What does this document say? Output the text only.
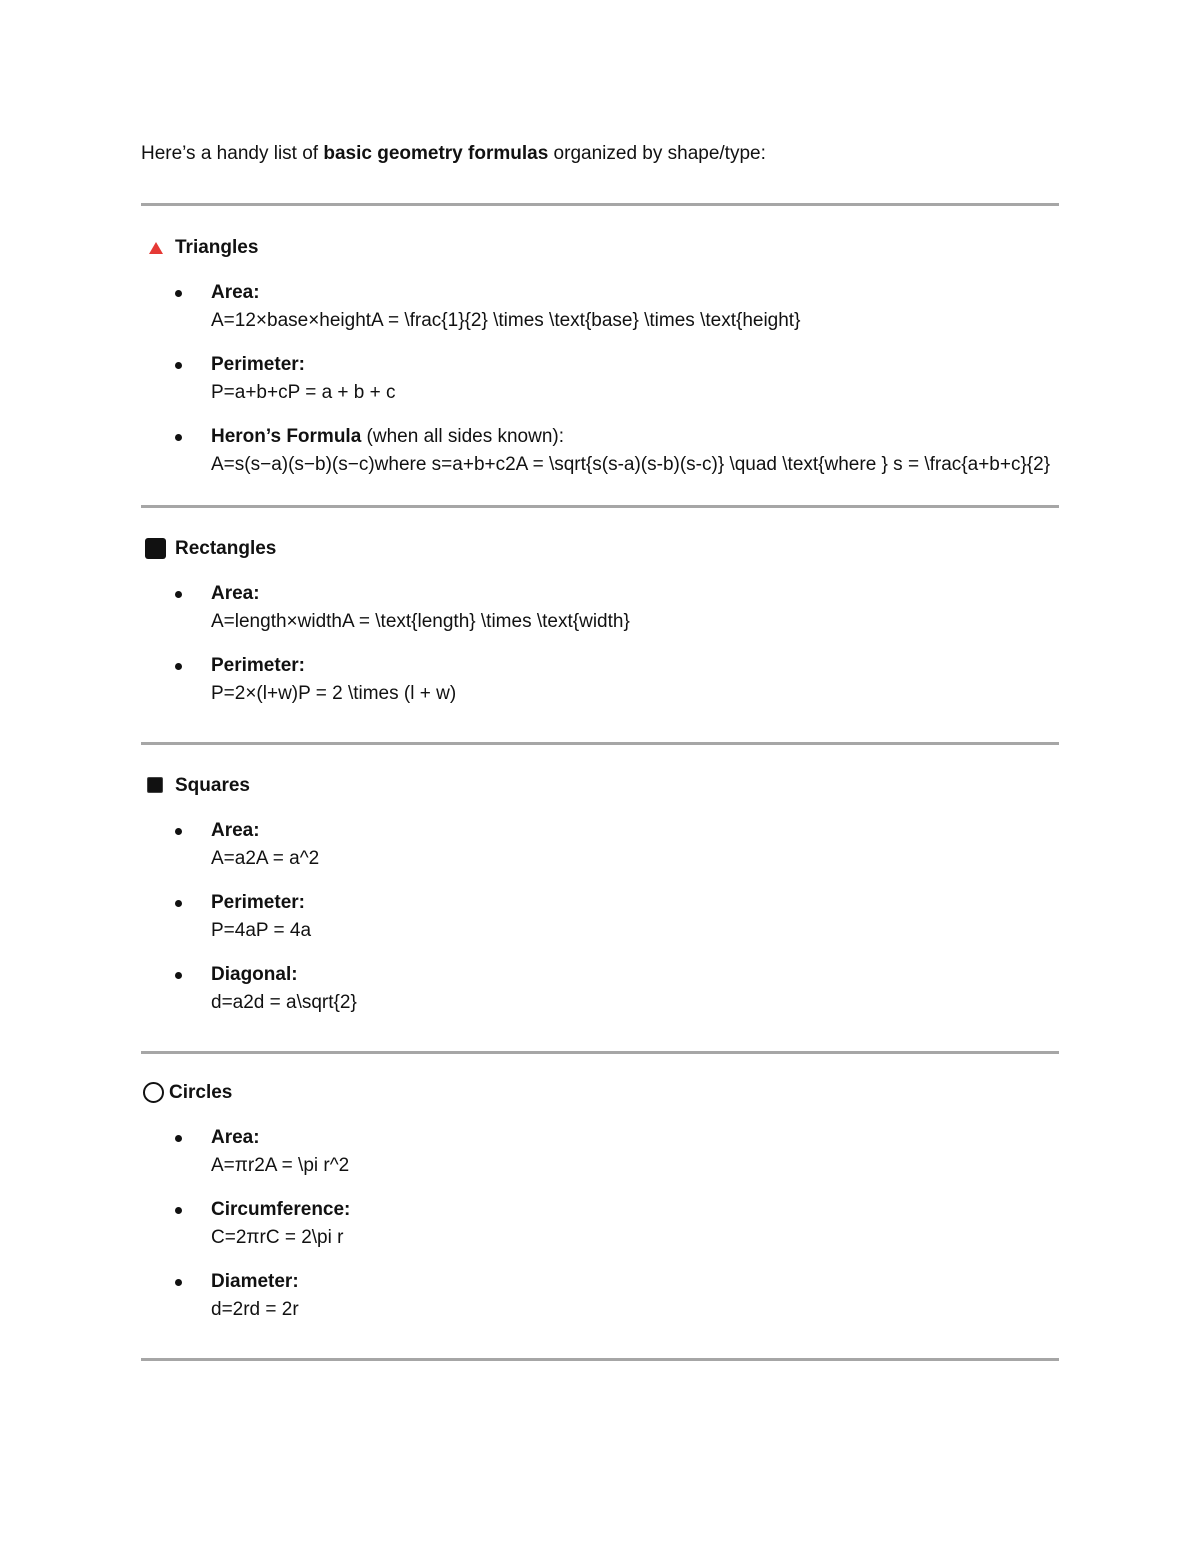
Here’s a handy list of basic geometry formulas organized by shape/type:

Triangles
Area:
A=12×base×heightA = \frac{1}{2} \times \text{base} \times \text{height}
Perimeter:
P=a+b+cP = a + b + c
Heron’s Formula (when all sides known):
A=s(s−a)(s−b)(s−c)where s=a+b+c2A = \sqrt{s(s-a)(s-b)(s-c)} \quad \text{where } s = \frac{a+b+c}{2}
Rectangles
Area:
A=length×widthA = \text{length} \times \text{width}
Perimeter:
P=2×(l+w)P = 2 \times (l + w)
Squares
Area:
A=a2A = a^2
Perimeter:
P=4aP = 4a
Diagonal:
d=a2d = a\sqrt{2}
Circles
Area:
A=πr2A = \pi r^2
Circumference:
C=2πrC = 2\pi r
Diameter:
d=2rd = 2r
